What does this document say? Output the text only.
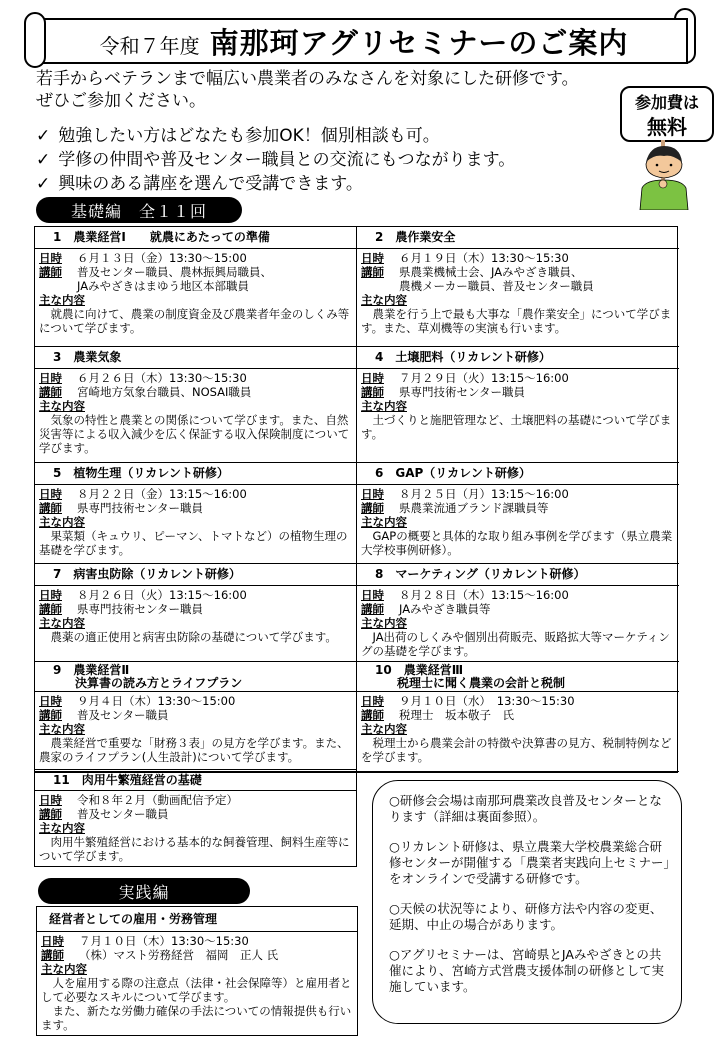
令和７年度 南那珂アグリセミナーのご案内
若手からベテランまで幅広い農業者のみなさんを対象にした研修です。
ぜひご参加ください。
✓ 勉強したい方はどなたも参加OK！個別相談も可。
✓ 学修の仲間や普及センター職員との交流にもつながります。
✓ 興味のある講座を選んで受講できます。
参加費は
無料
基礎編　全１１回
1　農業経営Ⅰ　　就農にあたっての準備
日時	６月１３日（金）13:30～15:00
講師	普及センター職員、農林振興局職員、
JAみやざきはまゆう地区本部職員
主な内容
就農に向けて、農業の制度資金及び農業者年金のしくみ等について学びます。
2　農作業安全
日時	６月１９日（木）13:30～15:30
講師	県農業機械士会、JAみやざき職員、
農機メーカー職員、普及センター職員
主な内容
農業を行う上で最も大事な「農作業安全」について学びます。また、草刈機等の実演も行います。
3　農業気象
日時	６月２６日（木）13:30～15:30
講師	宮崎地方気象台職員、NOSAI職員
主な内容
気象の特性と農業との関係について学びます。また、自然災害等による収入減少を広く保証する収入保険制度について学びます。
4　土壌肥料（リカレント研修）
日時	７月２９日（火）13:15～16:00
講師	県専門技術センター職員
主な内容
土づくりと施肥管理など、土壌肥料の基礎について学びます。
5　植物生理（リカレント研修）
日時	８月２２日（金）13:15～16:00
講師	県専門技術センター職員
主な内容
果菜類（キュウリ、ピーマン、トマトなど）の植物生理の基礎を学びます。
6　GAP（リカレント研修）
日時	８月２５日（月）13:15～16:00
講師	県農業流通ブランド課職員等
主な内容
GAPの概要と具体的な取り組み事例を学びます（県立農業大学校事例研修）。
7　病害虫防除（リカレント研修）
日時	８月２６日（火）13:15～16:00
講師	県専門技術センター職員
主な内容
農薬の適正使用と病害虫防除の基礎について学びます。
8　マーケティング（リカレント研修）
日時	８月２８日（木）13:15～16:00
講師	JAみやざき職員等
主な内容
JA出荷のしくみや個別出荷販売、販路拡大等マーケティングの基礎を学びます。
9　農業経営Ⅱ
決算書の読み方とライフプラン
日時	９月４日（木）13:30～15:00
講師	普及センター職員
主な内容
農業経営で重要な「財務３表」の見方を学びます。また、農家のライフプラン(人生設計)について学びます。
10　農業経営Ⅲ
税理士に聞く農業の会計と税制
日時	９月１０日（水）　13:30～15:30
講師	税理士　坂本敬子　氏
主な内容
税理士から農業会計の特徴や決算書の見方、税制特例などを学びます。
11　肉用牛繁殖経営の基礎
日時	令和８年２月（動画配信予定）
講師	普及センター職員
主な内容
肉用牛繁殖経営における基本的な飼養管理、飼料生産等について学びます。

○研修会会場は南那珂農業改良普及センターとなります（詳細は裏面参照）。

○リカレント研修は、県立農業大学校農業総合研修センターが開催する「農業者実践向上セミナー」をオンラインで受講する研修です。

○天候の状況等により、研修方法や内容の変更、延期、中止の場合があります。

○アグリセミナーは、宮崎県とJAみやざきとの共催により、宮崎方式営農支援体制の研修として実施しています。

実践編
経営者としての雇用・労務管理
日時	７月１０日（木）13:30～15:30
講師	（株）マスト労務経営　福岡　正人 氏
主な内容
人を雇用する際の注意点（法律・社会保障等）と雇用者として必要なスキルについて学びます。
また、新たな労働力確保の手法についての情報提供も行います。
